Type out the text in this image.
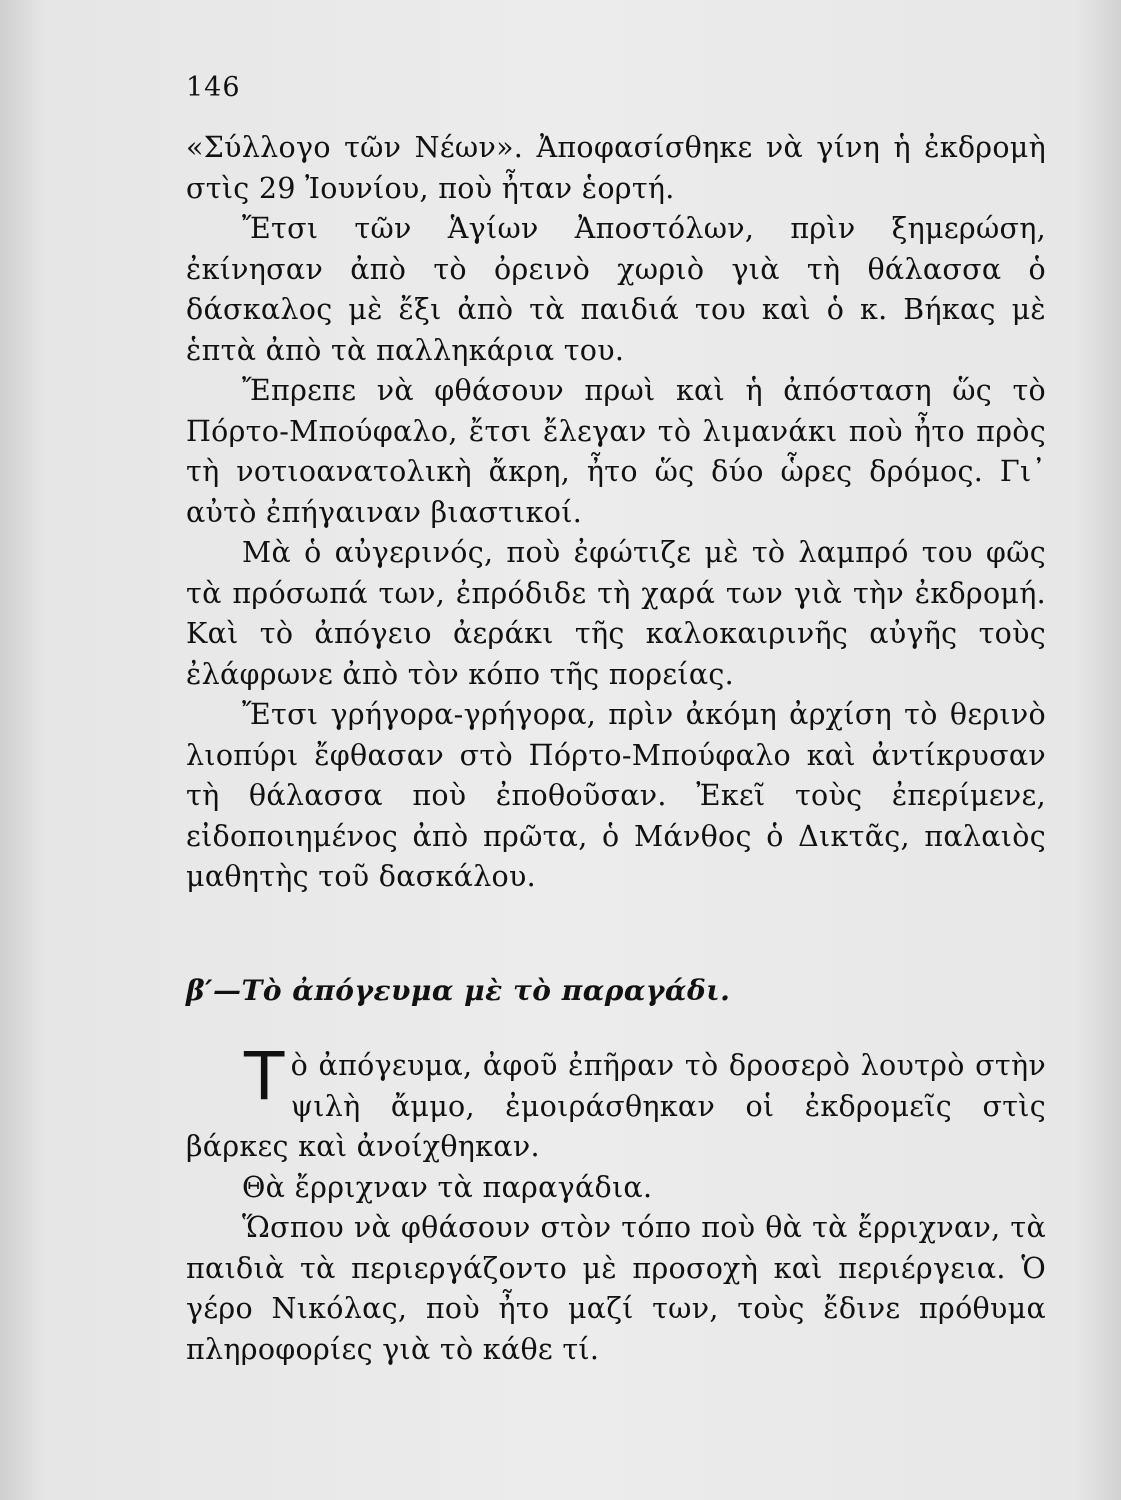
146

«Σύλλογο τῶν Νέων». Ἀποφασίσθηκε νὰ γίνη ἡ ἐκδρομὴ στὶς 29 Ἰουνίου, ποὺ ἦταν ἑορτή.

Ἔτσι τῶν Ἁγίων Ἀποστόλων, πρὶν ξημερώση, ἐκίνησαν ἀπὸ τὸ ὀρεινὸ χωριὸ γιὰ τὴ θάλασσα ὁ δάσκαλος μὲ ἔξι ἀπὸ τὰ παιδιά του καὶ ὁ κ. Βήκας μὲ ἑπτὰ ἀπὸ τὰ παλληκάρια του.

Ἔπρεπε νὰ φθάσουν πρωὶ καὶ ἡ ἀπόσταση ὥς τὸ Πόρτο-Μπούφαλο, ἔτσι ἔλεγαν τὸ λιμανάκι ποὺ ἦτο πρὸς τὴ νοτιοανατολικὴ ἄκρη, ἦτο ὥς δύο ὧρες δρόμος. Γι᾿ αὐτὸ ἐπήγαιναν βιαστικοί.

Μὰ ὁ αὐγερινός, ποὺ ἐφώτιζε μὲ τὸ λαμπρό του φῶς τὰ πρόσωπά των, ἐπρόδιδε τὴ χαρά των γιὰ τὴν ἐκδρομή. Καὶ τὸ ἀπόγειο ἀεράκι τῆς καλοκαιρινῆς αὐγῆς τοὺς ἐλάφρωνε ἀπὸ τὸν κόπο τῆς πορείας.

Ἔτσι γρήγορα-γρήγορα, πρὶν ἀκόμη ἀρχίση τὸ θερινὸ λιοπύρι ἔφθασαν στὸ Πόρτο-Μπούφαλο καὶ ἀντίκρυσαν τὴ θάλασσα ποὺ ἐποθοῦσαν. Ἐκεῖ τοὺς ἐπερίμενε, εἰδοποιημένος ἀπὸ πρῶτα, ὁ Μάνθος ὁ Δικτᾶς, παλαιὸς μαθητὴς τοῦ δασκάλου.

β′—Τὸ ἀπόγευμα μὲ τὸ παραγάδι.

Τὸ ἀπόγευμα, ἀφοῦ ἐπῆραν τὸ δροσερὸ λουτρὸ στὴν ψιλὴ ἄμμο, ἐμοιράσθηκαν οἱ ἐκδρομεῖς στὶς βάρκες καὶ ἀνοίχθηκαν.

Θὰ ἔρριχναν τὰ παραγάδια.

Ὥσπου νὰ φθάσουν στὸν τόπο ποὺ θὰ τὰ ἔρριχναν, τὰ παιδιὰ τὰ περιεργάζοντο μὲ προσοχὴ καὶ περιέργεια. Ὁ γέρο Νικόλας, ποὺ ἦτο μαζί των, τοὺς ἔδινε πρόθυμα πληροφορίες γιὰ τὸ κάθε τί.
